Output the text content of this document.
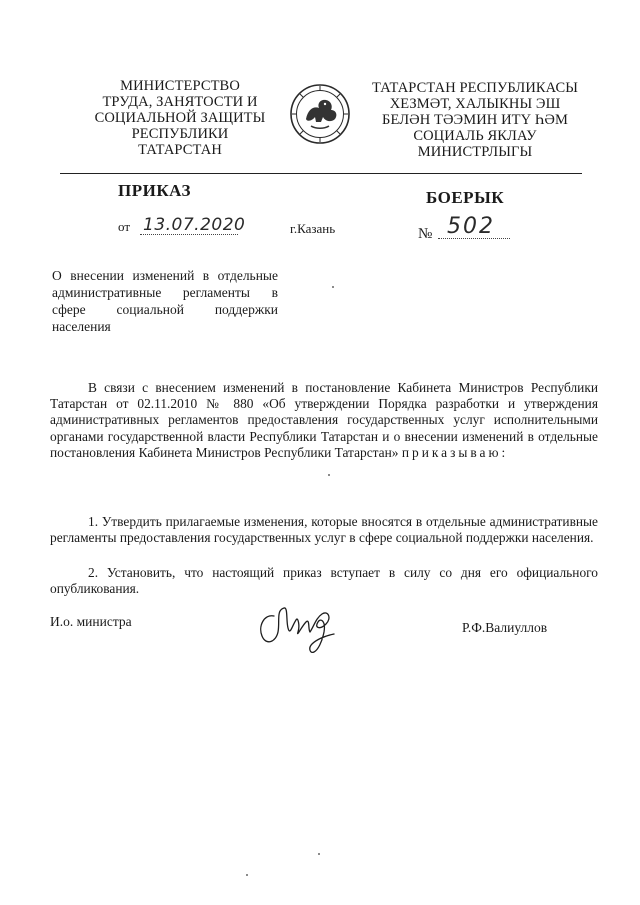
МИНИСТЕРСТВО
ТРУДА, ЗАНЯТОСТИ И
СОЦИАЛЬНОЙ ЗАЩИТЫ
РЕСПУБЛИКИ
ТАТАРСТАН
ТАТАРСТАН РЕСПУБЛИКАСЫ
ХЕЗМӘТ, ХАЛЫКНЫ ЭШ
БЕЛӘН ТӘЭМИН ИТҮ ҺӘМ
СОЦИАЛЬ ЯКЛАУ
МИНИСТРЛЫГЫ
ПРИКАЗ	БОЕРЫК
от 13.07.2020	г.Казань	№ 502
О внесении изменений в отдельные административные регламенты в сфере социальной поддержки населения
В связи с внесением изменений в постановление Кабинета Министров Республики Татарстан от 02.11.2010 № 880 «Об утверждении Порядка разработки и утверждения административных регламентов предоставления государственных услуг исполнительными органами государственной власти Республики Татарстан и о внесении изменений в отдельные постановления Кабинета Министров Республики Татарстан» приказываю:
1. Утвердить прилагаемые изменения, которые вносятся в отдельные административные регламенты предоставления государственных услуг в сфере социальной поддержки населения.
2. Установить, что настоящий приказ вступает в силу со дня его официального опубликования.
И.о. министра	Р.Ф.Валиуллов
